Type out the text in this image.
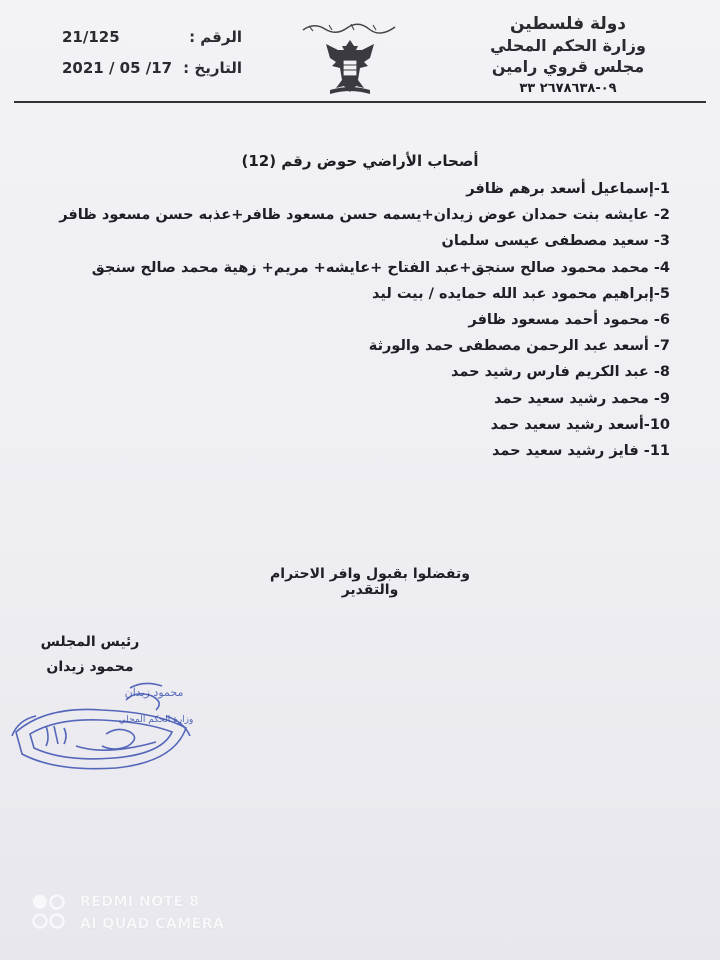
دولة فلسطين
وزارة الحكم المحلي
مجلس قروي رامين
٠٩-٢٦٧٨٦٣٨ ٣٣
الرقم :
21/125
التاريخ :
2021 / 05 /17
أصحاب الأراضي حوض رقم (12)
1-إسماعيل أسعد برهم ظافر
2- عايشه بنت حمدان عوض زيدان+يسمه حسن مسعود ظافر+عذبه حسن مسعود ظافر
3- سعيد مصطفى عيسى سلمان
4- محمد محمود صالح سنجق+عبد الفتاح +عايشه+ مريم+ زهية محمد صالح سنجق
5-إبراهيم محمود عبد الله حمايده / بيت ليد
6- محمود أحمد مسعود ظافر
7- أسعد عبد الرحمن مصطفى حمد والورثة
8- عبد الكريم فارس رشيد حمد
9- محمد رشيد سعيد حمد
10-أسعد رشيد سعيد حمد
11- فايز رشيد سعيد حمد
وتفضلوا بقبول وافر الاحترام والتقدير
رئيس المجلس
محمود زيدان
وزارة الحكم المحلي
محمود زيدان
REDMI NOTE 8
AI QUAD CAMERA
